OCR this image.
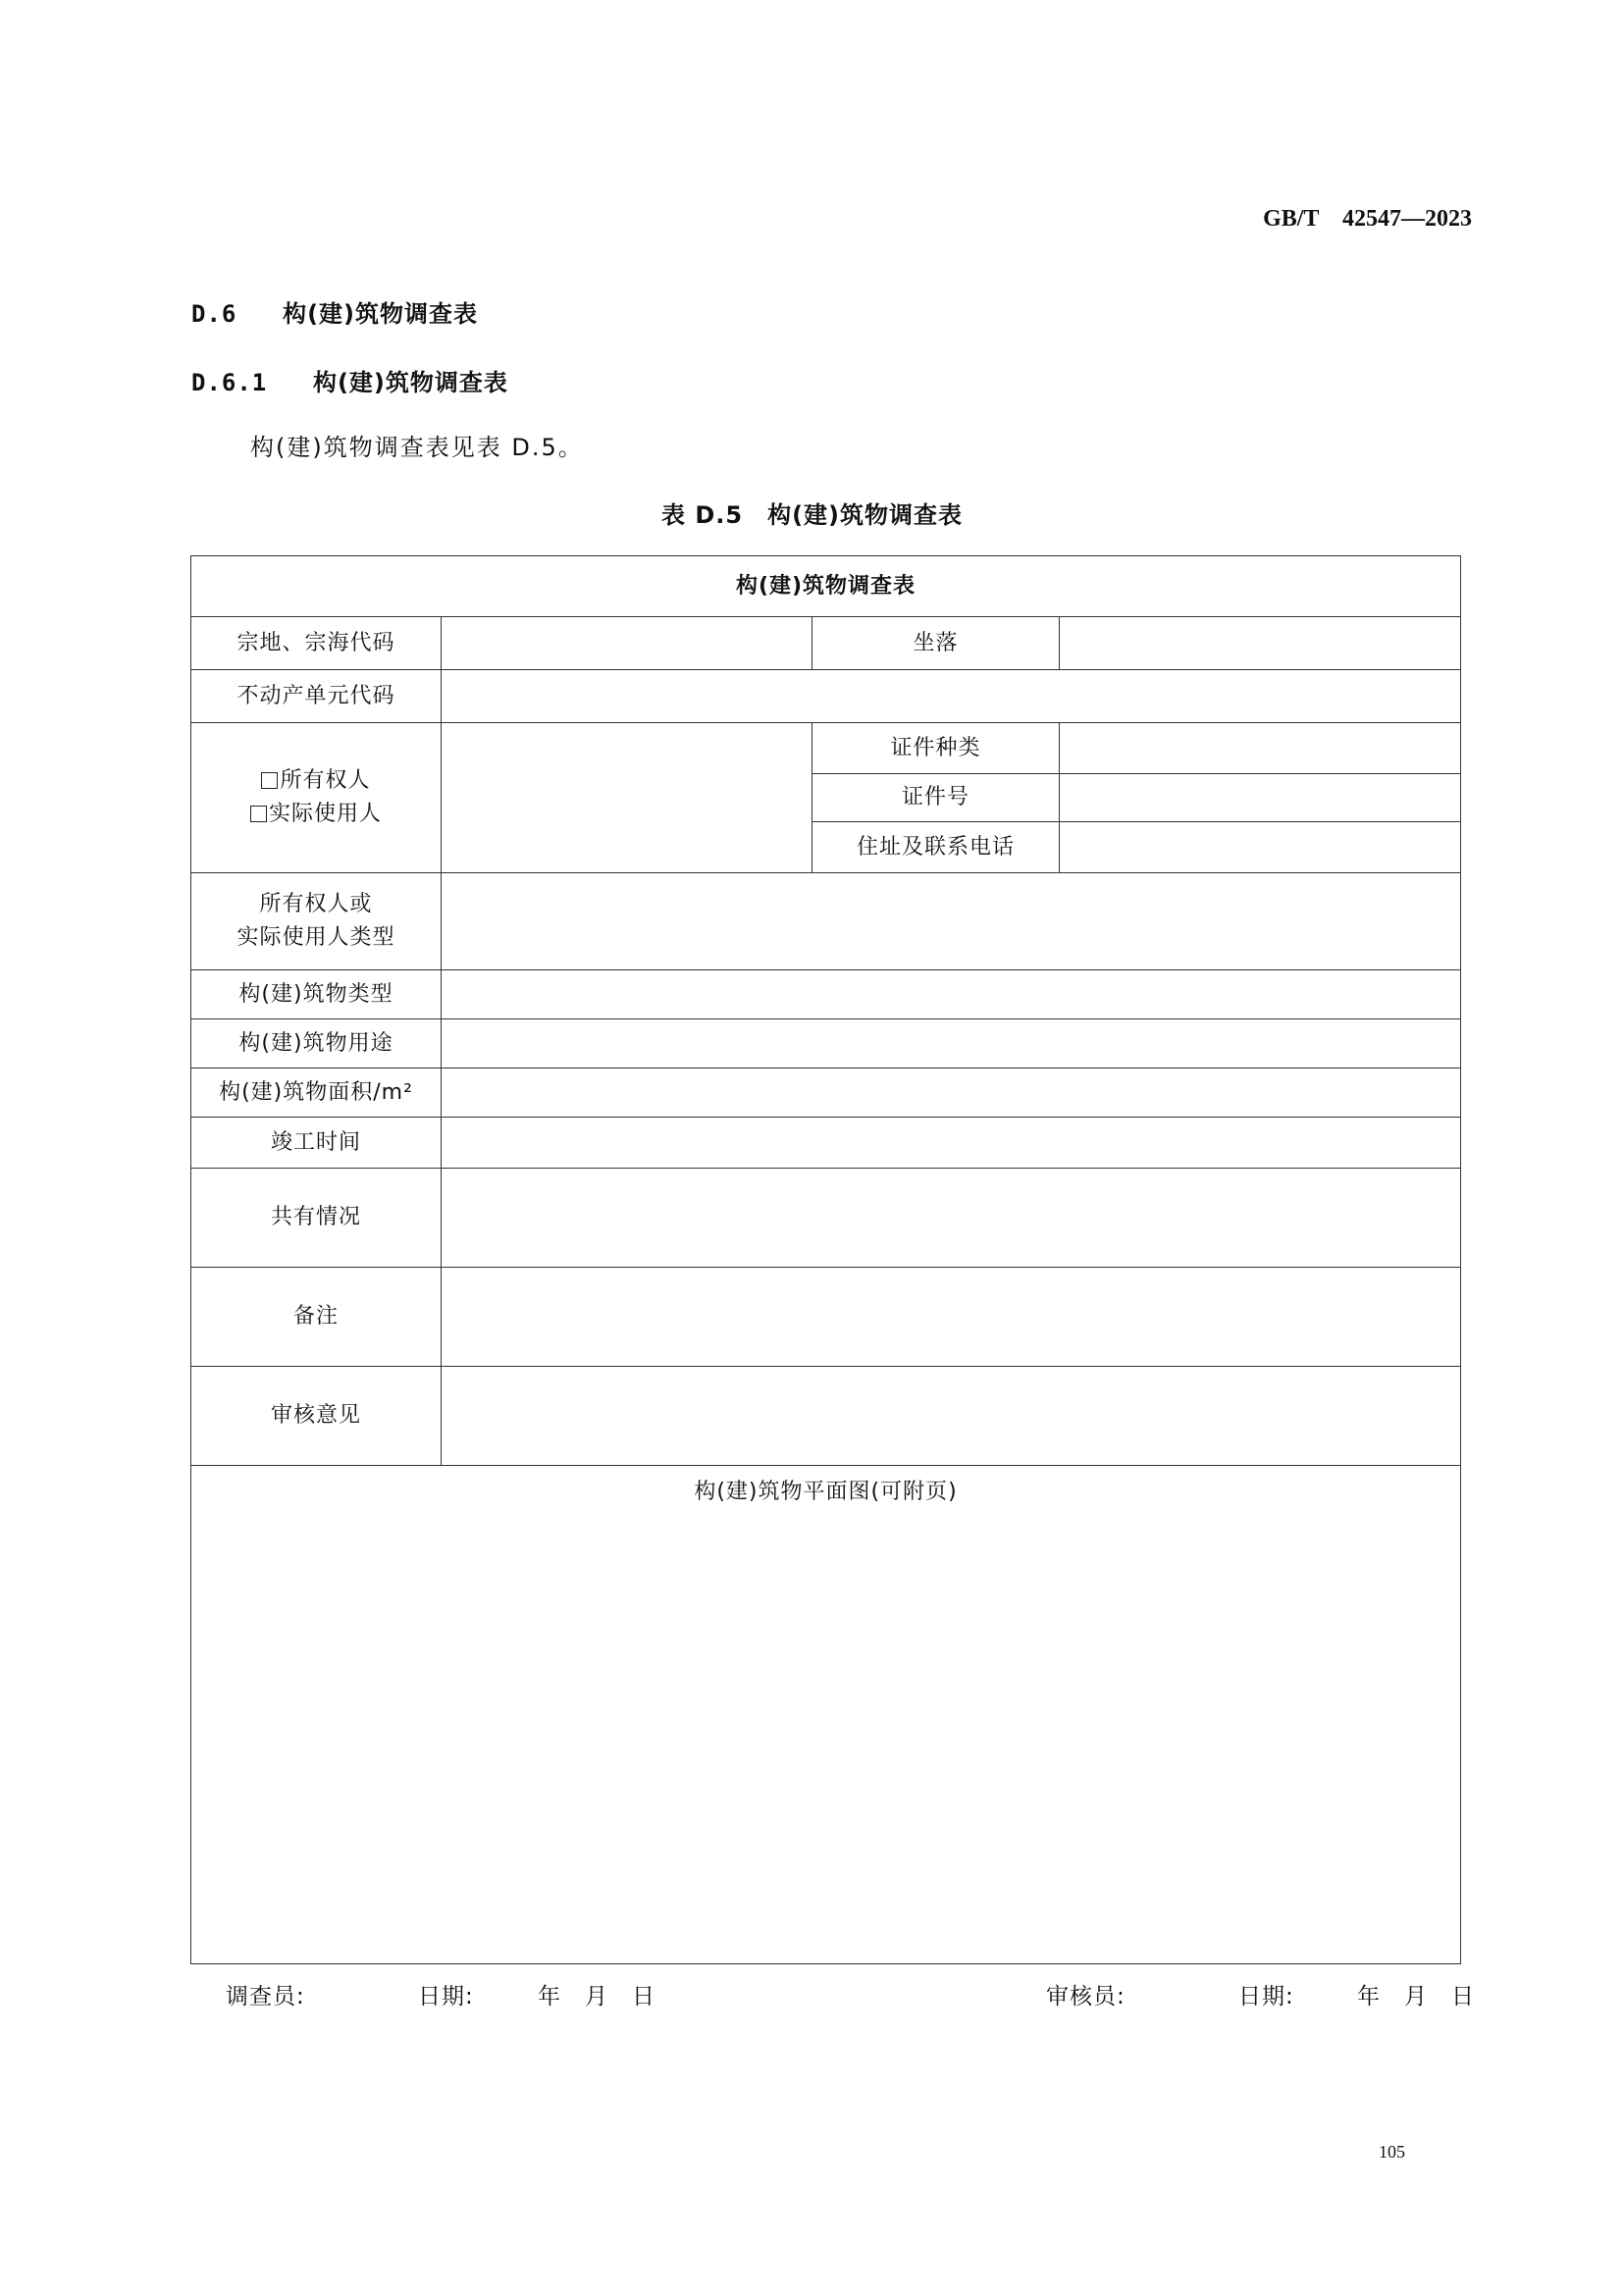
GB/T　42547—2023
D.6 构(建)筑物调查表
D.6.1 构(建)筑物调查表
构(建)筑物调查表见表 D.5。
表 D.5　构(建)筑物调查表
构(建)筑物调查表			
宗地、宗海代码		坐落	
不动产单元代码			

所有权人
实际使用人		证件种类	
		证件号	
		住址及联系电话	

所有权人或
实际使用人类型			

构(建)筑物类型			
构(建)筑物用途			
构(建)筑物面积/m²			
竣工时间			
共有情况			
备注			
审核意见			
构(建)筑物平面图(可附页)			
调查员:	日期:	年　月　日	审核员:	日期:	年　月　日
105
